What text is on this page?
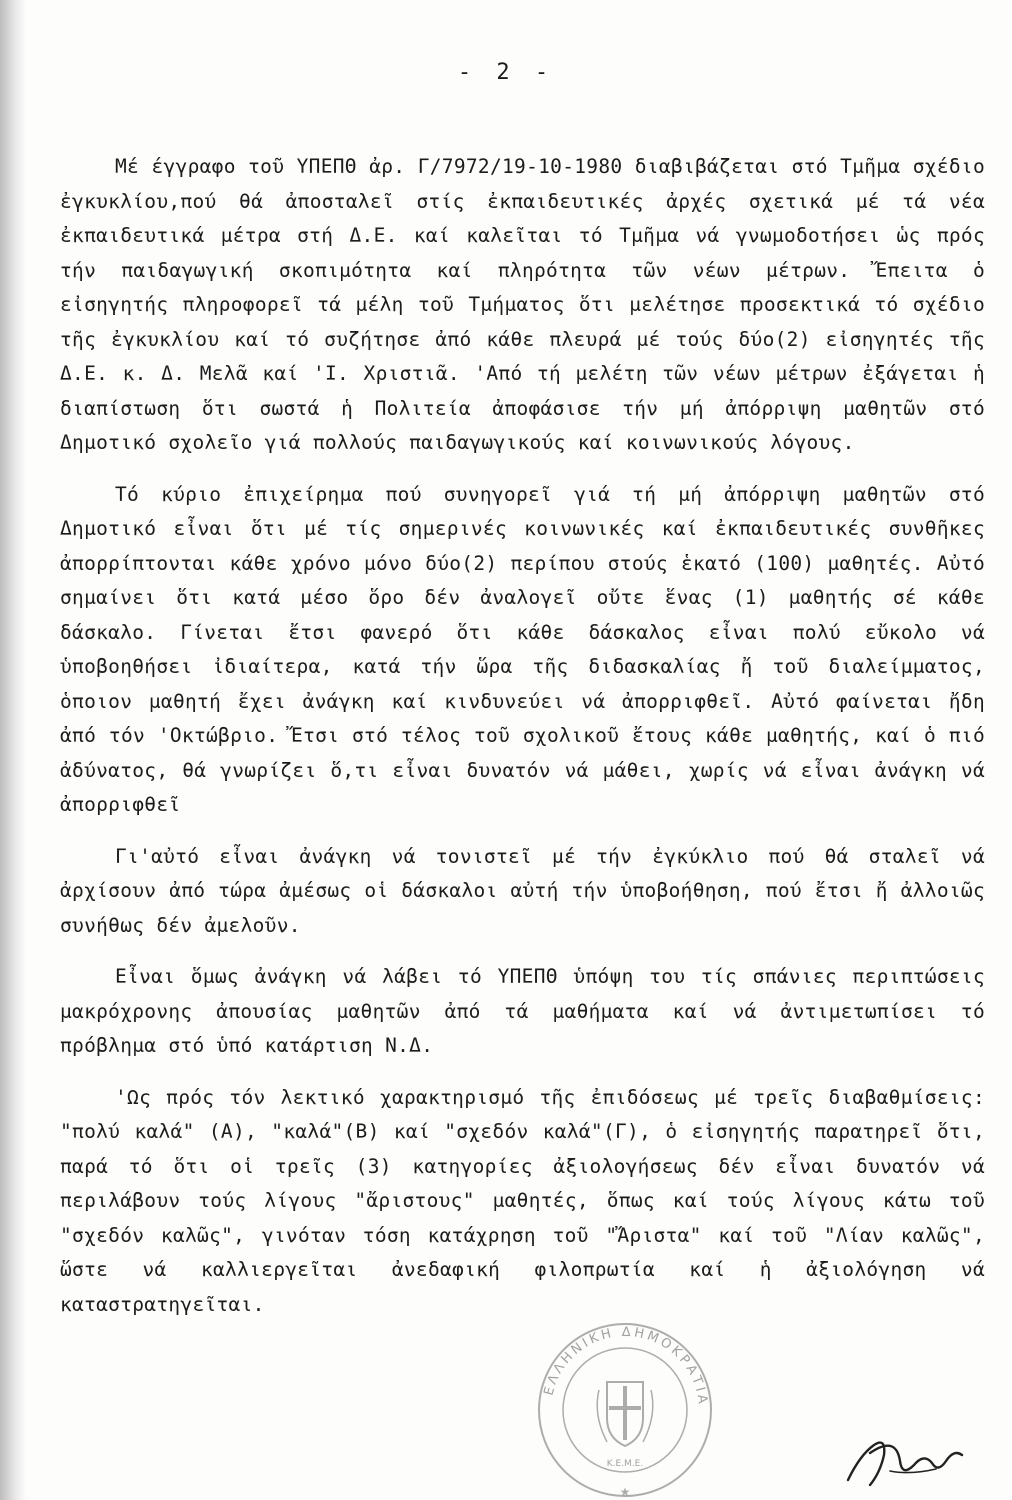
- 2 -

Μέ έγγραφο τοῦ ΥΠΕΠΘ ἀρ. Γ/7972/19-10-1980 διαβιβάζεται στό Τμῆμα σχέδιο ἐγκυκλίου,πού θά ἀποσταλεῖ στίς ἐκπαιδευτικές ἀρχές σχετικά μέ τά νέα ἐκπαιδευτικά μέτρα στή Δ.Ε. καί καλεῖται τό Τμῆμα νά γνωμοδοτήσει ὡς πρός τήν παιδαγωγική σκοπιμότητα καί πληρότητα τῶν νέων μέτρων. Ἔπειτα ὁ εἰσηγητής πληροφορεῖ τά μέλη τοῦ Τμήματος ὅτι μελέτησε προσεκτικά τό σχέδιο τῆς ἐγκυκλίου καί τό συζήτησε ἀπό κάθε πλευρά μέ τούς δύο(2) εἰσηγητές τῆς Δ.Ε. κ. Δ. Μελᾶ καί 'Ι. Χριστιᾶ. 'Από τή μελέτη τῶν νέων μέτρων ἐξάγεται ἡ διαπίστωση ὅτι σωστά ἡ Πολιτεία ἀποφάσισε τήν μή ἀπόρριψη μαθητῶν στό Δημοτικό σχολεῖο γιά πολλούς παιδαγωγικούς καί κοινωνικούς λόγους.

Τό κύριο ἐπιχείρημα πού συνηγορεῖ γιά τή μή ἀπόρριψη μαθητῶν στό Δημοτικό εἶναι ὅτι μέ τίς σημερινές κοινωνικές καί ἐκπαιδευτικές συνθῆκες ἀπορρίπτονται κάθε χρόνο μόνο δύο(2) περίπου στούς ἑκατό (100) μαθητές. Αὐτό σημαίνει ὅτι κατά μέσο ὅρο δέν ἀναλογεῖ οὔτε ἕνας (1) μαθητής σέ κάθε δάσκαλο. Γίνεται ἔτσι φανερό ὅτι κάθε δάσκαλος εἶναι πολύ εὔκολο νά ὑποβοηθήσει ἰδιαίτερα, κατά τήν ὥρα τῆς διδασκαλίας ἤ τοῦ διαλείμματος, ὁποιον μαθητή ἔχει ἀνάγκη καί κινδυνεύει νά ἀπορριφθεῖ. Αὐτό φαίνεται ἤδη ἀπό τόν 'Οκτώβριο. Ἔτσι στό τέλος τοῦ σχολικοῦ ἔτους κάθε μαθητής, καί ὁ πιό ἀδύνατος, θά γνωρίζει ὅ,τι εἶναι δυνατόν νά μάθει, χωρίς νά εἶναι ἀνάγκη νά ἀπορριφθεῖ

Γι'αὐτό εἶναι ἀνάγκη νά τονιστεῖ μέ τήν ἐγκύκλιο πού θά σταλεῖ νά ἀρχίσουν ἀπό τώρα ἀμέσως οἱ δάσκαλοι αὐτή τήν ὑποβοήθηση, πού ἔτσι ἤ ἀλλοιῶς συνήθως δέν ἀμελοῦν.

Εἶναι ὅμως ἀνάγκη νά λάβει τό ΥΠΕΠΘ ὑπόψη του τίς σπάνιες περιπτώσεις μακρόχρονης ἀπουσίας μαθητῶν ἀπό τά μαθήματα καί νά ἀντιμετωπίσει τό πρόβλημα στό ὑπό κατάρτιση Ν.Δ.

'Ως πρός τόν λεκτικό χαρακτηρισμό τῆς ἐπιδόσεως μέ τρεῖς διαβαθμίσεις: "πολύ καλά" (Α), "καλά"(Β) καί "σχεδόν καλά"(Γ), ὁ εἰσηγητής παρατηρεῖ ὅτι, παρά τό ὅτι οἱ τρεῖς (3) κατηγορίες ἀξιολογήσεως δέν εἶναι δυνατόν νά περιλάβουν τούς λίγους "ἄριστους" μαθητές, ὅπως καί τούς λίγους κάτω τοῦ "σχεδόν καλῶς", γινόταν τόση κατάχρηση τοῦ "Ἄριστα" καί τοῦ "Λίαν καλῶς", ὥστε νά καλλιεργεῖται ἀνεδαφική φιλοπρωτία καί ἡ ἀξιολόγηση νά καταστρατηγεῖται.

ΕΛΛΗΝΙΚΗ ΔΗΜΟΚΡΑΤΙΑ
Κ.Ε.Μ.Ε.
★
